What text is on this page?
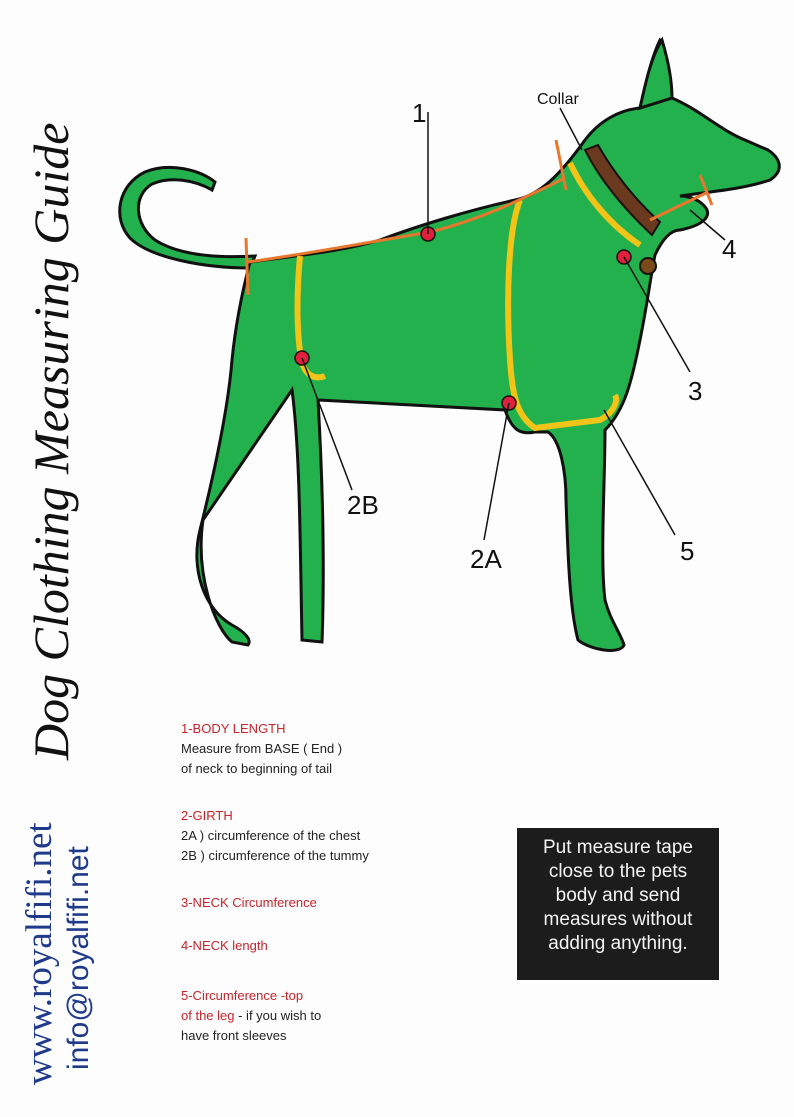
Dog Clothing Measuring Guide
www.royalfifi.net info@royalfifi.net
Collar
1
4
3
2B
2A	5
1-BODY LENGTH
Measure from BASE ( End )
of neck to beginning of tail
2-GIRTH
2A ) circumference of the chest
2B ) circumference of the tummy
3-NECK Circumference
4-NECK length
5-Circumference -top
of the leg - if you wish to
have front sleeves
Put measure tape
close to the pets
body and send
measures without
adding anything.
